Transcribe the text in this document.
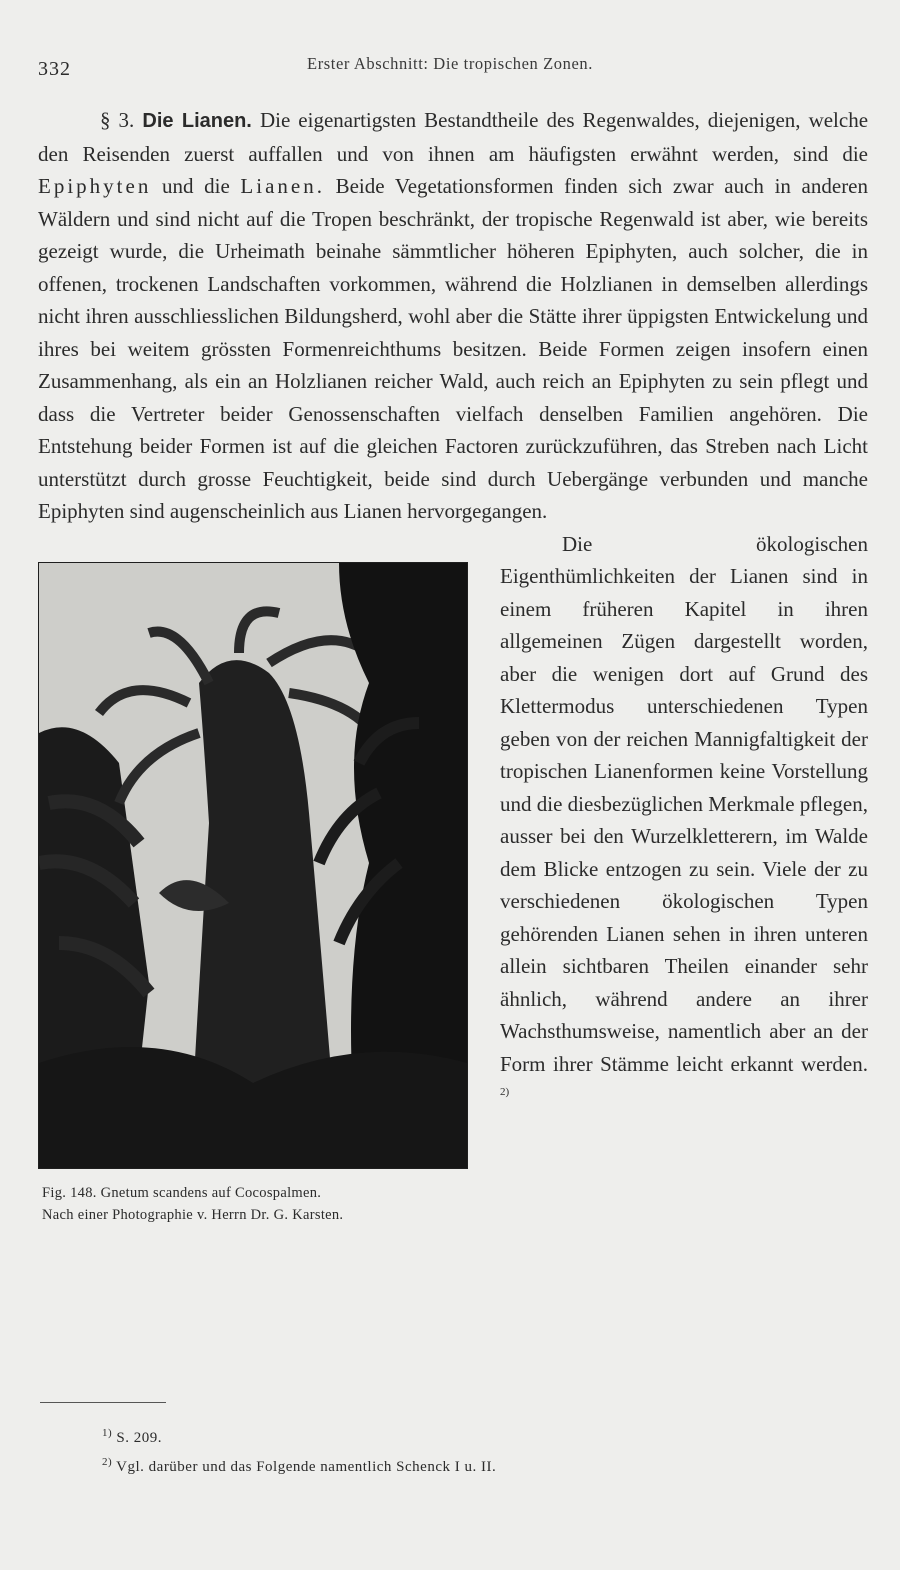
332	Erster Abschnitt: Die tropischen Zonen.

§ 3. Die Lianen. Die eigenartigsten Bestandtheile des Regenwaldes, diejenigen, welche den Reisenden zuerst auffallen und von ihnen am häufigsten erwähnt werden, sind die Epiphyten und die Lianen. Beide Vegetationsformen finden sich zwar auch in anderen Wäldern und sind nicht auf die Tropen beschränkt, der tropische Regenwald ist aber, wie bereits gezeigt wurde, die Urheimath beinahe sämmtlicher höheren Epiphyten, auch solcher, die in offenen, trockenen Landschaften vorkommen, während die Holzlianen in demselben allerdings nicht ihren ausschliesslichen Bildungsherd, wohl aber die Stätte ihrer üppigsten Entwickelung und ihres bei weitem grössten Formenreichthums besitzen. Beide Formen zeigen insofern einen Zusammenhang, als ein an Holzlianen reicher Wald, auch reich an Epiphyten zu sein pflegt und dass die Vertreter beider Genossenschaften vielfach denselben Familien angehören. Die Entstehung beider Formen ist auf die gleichen Factoren zurückzuführen, das Streben nach Licht unterstützt durch grosse Feuchtigkeit, beide sind durch Uebergänge verbunden und manche Epiphyten sind augenscheinlich aus Lianen hervorgegangen.

Fig. 148. Gnetum scandens auf Cocospalmen.
Nach einer Photographie v. Herrn Dr. G. Karsten.

Die ökologischen Eigenthümlichkeiten der Lianen sind in einem früheren Kapitel in ihren allgemeinen Zügen dargestellt worden, aber die wenigen dort auf Grund des Klettermodus unterschiedenen Typen geben von der reichen Mannigfaltigkeit der tropischen Lianenformen keine Vorstellung und die diesbezüglichen Merkmale pflegen, ausser bei den Wurzelkletterern, im Walde dem Blicke entzogen zu sein. Viele der zu verschiedenen ökologischen Typen gehörenden Lianen sehen in ihren unteren allein sichtbaren Theilen einander sehr ähnlich, während andere an ihrer Wachsthumsweise, namentlich aber an der Form ihrer Stämme leicht erkannt werden. $^{2)}$

$^{1)}$ S. 209.
$^{2)}$ Vgl. darüber und das Folgende namentlich Schenck I u. II.
